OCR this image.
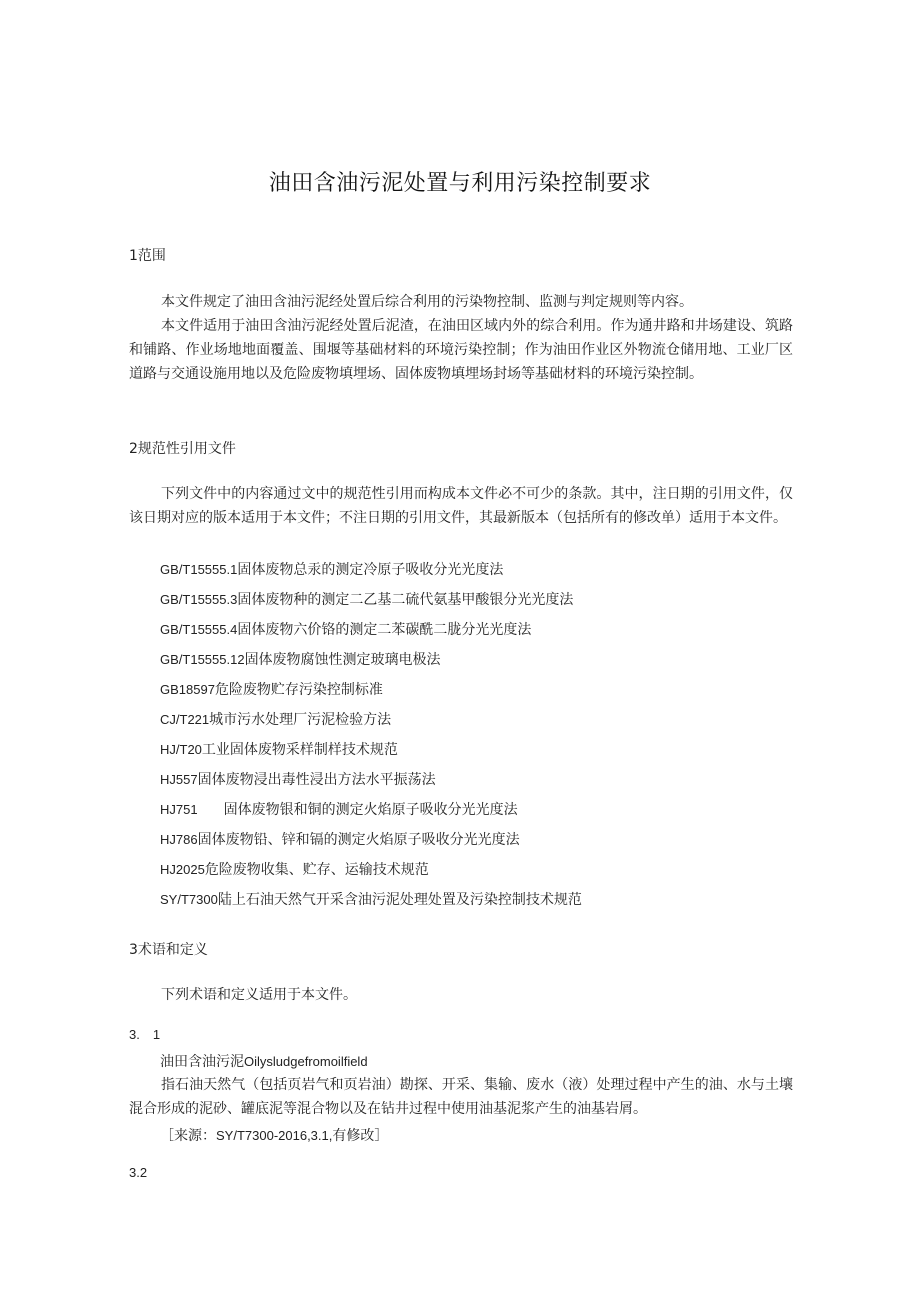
油田含油污泥处置与利用污染控制要求
1范围
本文件规定了油田含油污泥经处置后综合利用的污染物控制、监测与判定规则等内容。
本文件适用于油田含油污泥经处置后泥渣，在油田区域内外的综合利用。作为通井路和井场建设、筑路和铺路、作业场地地面覆盖、围堰等基础材料的环境污染控制；作为油田作业区外物流仓储用地、工业厂区道路与交通设施用地以及危险废物填埋场、固体废物填埋场封场等基础材料的环境污染控制。
2规范性引用文件
下列文件中的内容通过文中的规范性引用而构成本文件必不可少的条款。其中，注日期的引用文件，仅该日期对应的版本适用于本文件；不注日期的引用文件，其最新版本（包括所有的修改单）适用于本文件。
GB/T15555.1固体废物总汞的测定冷原子吸收分光光度法
GB/T15555.3固体废物种的测定二乙基二硫代氨基甲酸银分光光度法
GB/T15555.4固体废物六价铬的测定二苯碳酰二胧分光光度法
GB/T15555.12固体废物腐蚀性测定玻璃电极法
GB18597危险废物贮存污染控制标准
CJ/T221城市污水处理厂污泥检验方法
HJ/T20工业固体废物采样制样技术规范
HJ557固体废物浸出毒性浸出方法水平振荡法
HJ751 固体废物银和铜的测定火焰原子吸收分光光度法
HJ786固体废物铅、锌和镉的测定火焰原子吸收分光光度法
HJ2025危险废物收集、贮存、运输技术规范
SY/T7300陆上石油天然气开采含油污泥处理处置及污染控制技术规范
3术语和定义
下列术语和定义适用于本文件。
3.　1
油田含油污泥Oilysludgefromoilfield
指石油天然气（包括页岩气和页岩油）勘探、开采、集输、废水（液）处理过程中产生的油、水与土壤混合形成的泥砂、罐底泥等混合物以及在钻井过程中使用油基泥浆产生的油基岩屑。
［来源：SY/T7300-2016,3.1,有修改］
3.2
